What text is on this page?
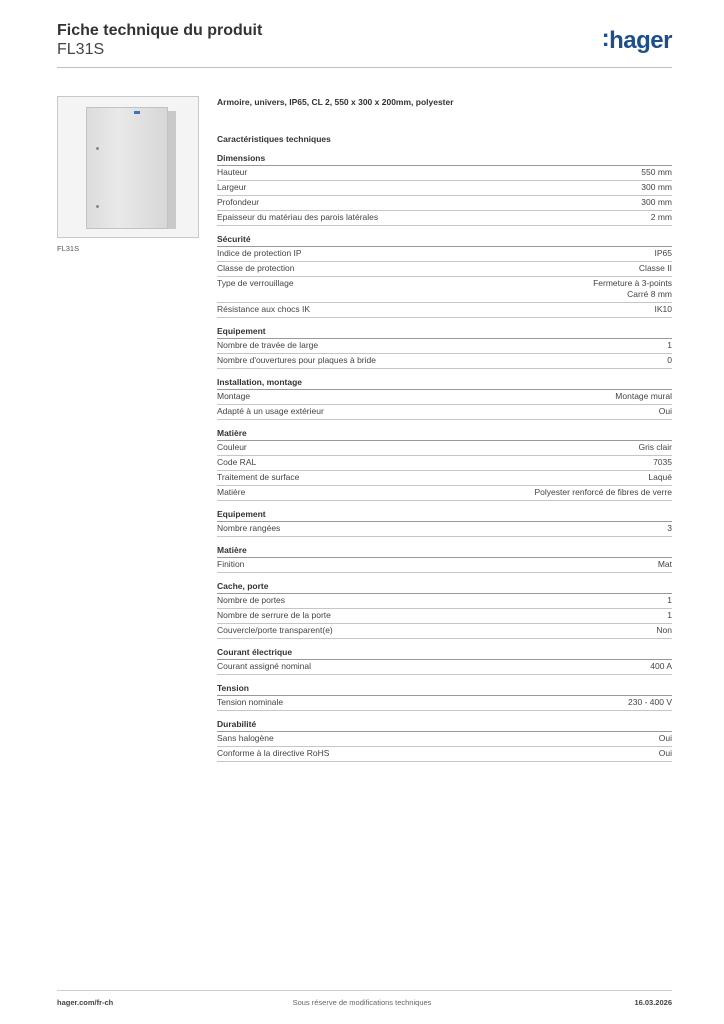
Fiche technique du produit
FL31S	:hager
FL31S

Armoire, univers, IP65, CL 2, 550 x 300 x 200mm, polyester

Caractéristiques techniques

Dimensions
Hauteur	550 mm
Largeur	300 mm
Profondeur	300 mm
Epaisseur du matériau des parois latérales	2 mm
Sécurité
Indice de protection IP	IP65
Classe de protection	Classe II
Type de verrouillage	Fermeture à 3-points
Carré 8 mm
Résistance aux chocs IK	IK10
Equipement
Nombre de travée de large	1
Nombre d'ouvertures pour plaques à bride	0
Installation, montage
Montage	Montage mural
Adapté à un usage extérieur	Oui
Matière
Couleur	Gris clair
Code RAL	7035
Traitement de surface	Laqué
Matière	Polyester renforcé de fibres de verre
Equipement
Nombre rangées	3
Matière
Finition	Mat
Cache, porte
Nombre de portes	1
Nombre de serrure de la porte	1
Couvercle/porte transparent(e)	Non
Courant électrique
Courant assigné nominal	400 A
Tension
Tension nominale	230 - 400 V
Durabilité
Sans halogène	Oui
Conforme à la directive RoHS	Oui
hager.com/fr-ch	Sous réserve de modifications techniques	16.03.2026
